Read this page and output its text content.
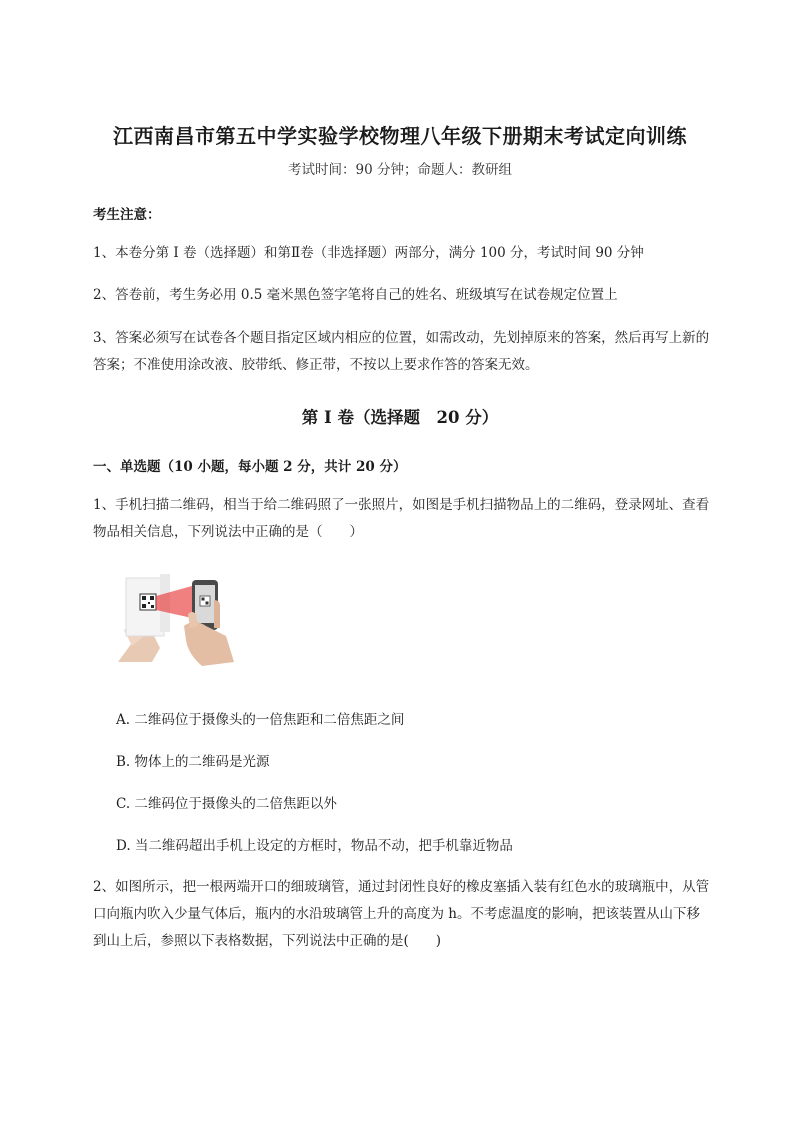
江西南昌市第五中学实验学校物理八年级下册期末考试定向训练
考试时间：90 分钟；命题人：教研组
考生注意：
1、本卷分第 I 卷（选择题）和第Ⅱ卷（非选择题）两部分，满分 100 分，考试时间 90 分钟
2、答卷前，考生务必用 0.5 毫米黑色签字笔将自己的姓名、班级填写在试卷规定位置上
3、答案必须写在试卷各个题目指定区域内相应的位置，如需改动，先划掉原来的答案，然后再写上新的答案；不准使用涂改液、胶带纸、修正带，不按以上要求作答的答案无效。
第 I 卷（选择题　20 分）
一、单选题（10 小题，每小题 2 分，共计 20 分）
1、手机扫描二维码，相当于给二维码照了一张照片，如图是手机扫描物品上的二维码，登录网址、查看物品相关信息，下列说法中正确的是（　　）
A. 二维码位于摄像头的一倍焦距和二倍焦距之间
B. 物体上的二维码是光源
C. 二维码位于摄像头的二倍焦距以外
D. 当二维码超出手机上设定的方框时，物品不动，把手机靠近物品
2、如图所示，把一根两端开口的细玻璃管，通过封闭性良好的橡皮塞插入装有红色水的玻璃瓶中，从管口向瓶内吹入少量气体后，瓶内的水沿玻璃管上升的高度为 h。不考虑温度的影响，把该装置从山下移到山上后，参照以下表格数据，下列说法中正确的是(　　)
